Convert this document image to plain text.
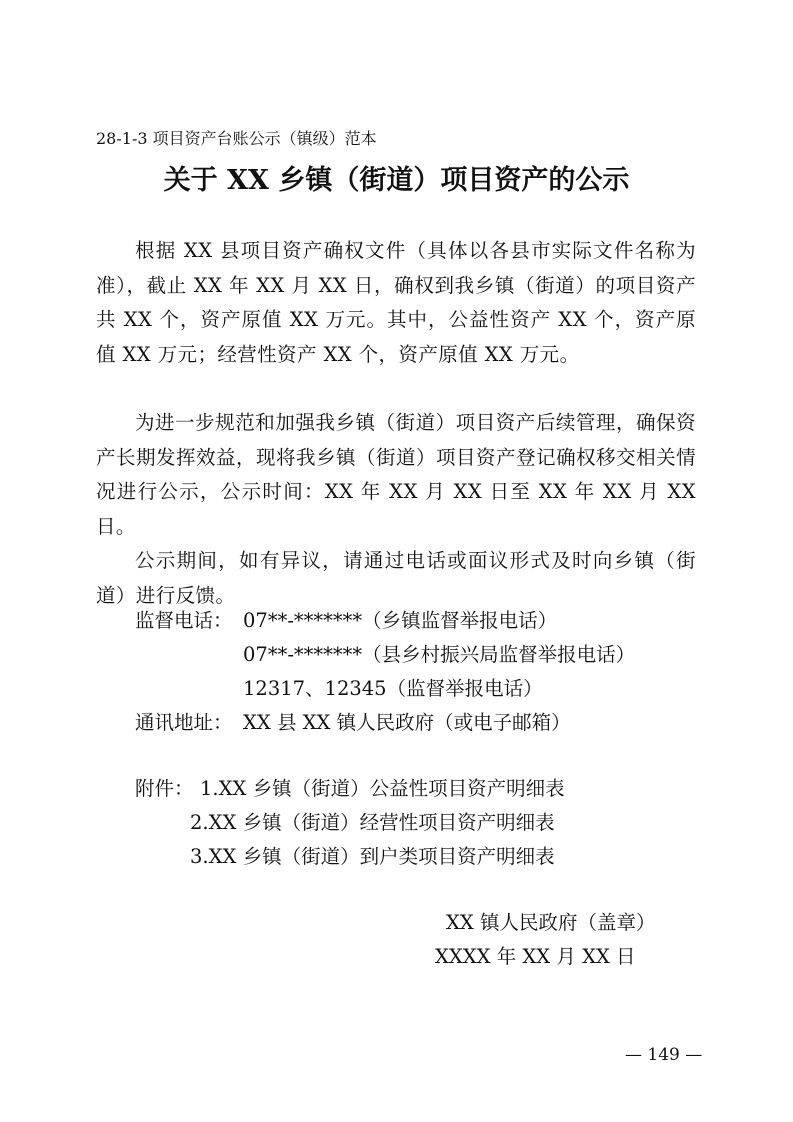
28-1-3 项目资产台账公示（镇级）范本
关于 XX 乡镇（街道）项目资产的公示

根据 XX 县项目资产确权文件（具体以各县市实际文件名称为准），截止 XX 年 XX 月 XX 日，确权到我乡镇（街道）的项目资产共 XX 个，资产原值 XX 万元。其中，公益性资产 XX 个，资产原值 XX 万元；经营性资产 XX 个，资产原值 XX 万元。

为进一步规范和加强我乡镇（街道）项目资产后续管理，确保资产长期发挥效益，现将我乡镇（街道）项目资产登记确权移交相关情况进行公示，公示时间：XX 年 XX 月 XX 日至 XX 年 XX 月 XX 日。

公示期间，如有异议，请通过电话或面议形式及时向乡镇（街道）进行反馈。

监督电话： 07**-*******（乡镇监督举报电话）
07**-*******（县乡村振兴局监督举报电话）
12317、12345（监督举报电话）
通讯地址： XX 县 XX 镇人民政府（或电子邮箱）
附件： 1.XX 乡镇（街道）公益性项目资产明细表
2.XX 乡镇（街道）经营性项目资产明细表
3.XX 乡镇（街道）到户类项目资产明细表
XX 镇人民政府（盖章）
XXXX 年 XX 月 XX 日
— 149 —
